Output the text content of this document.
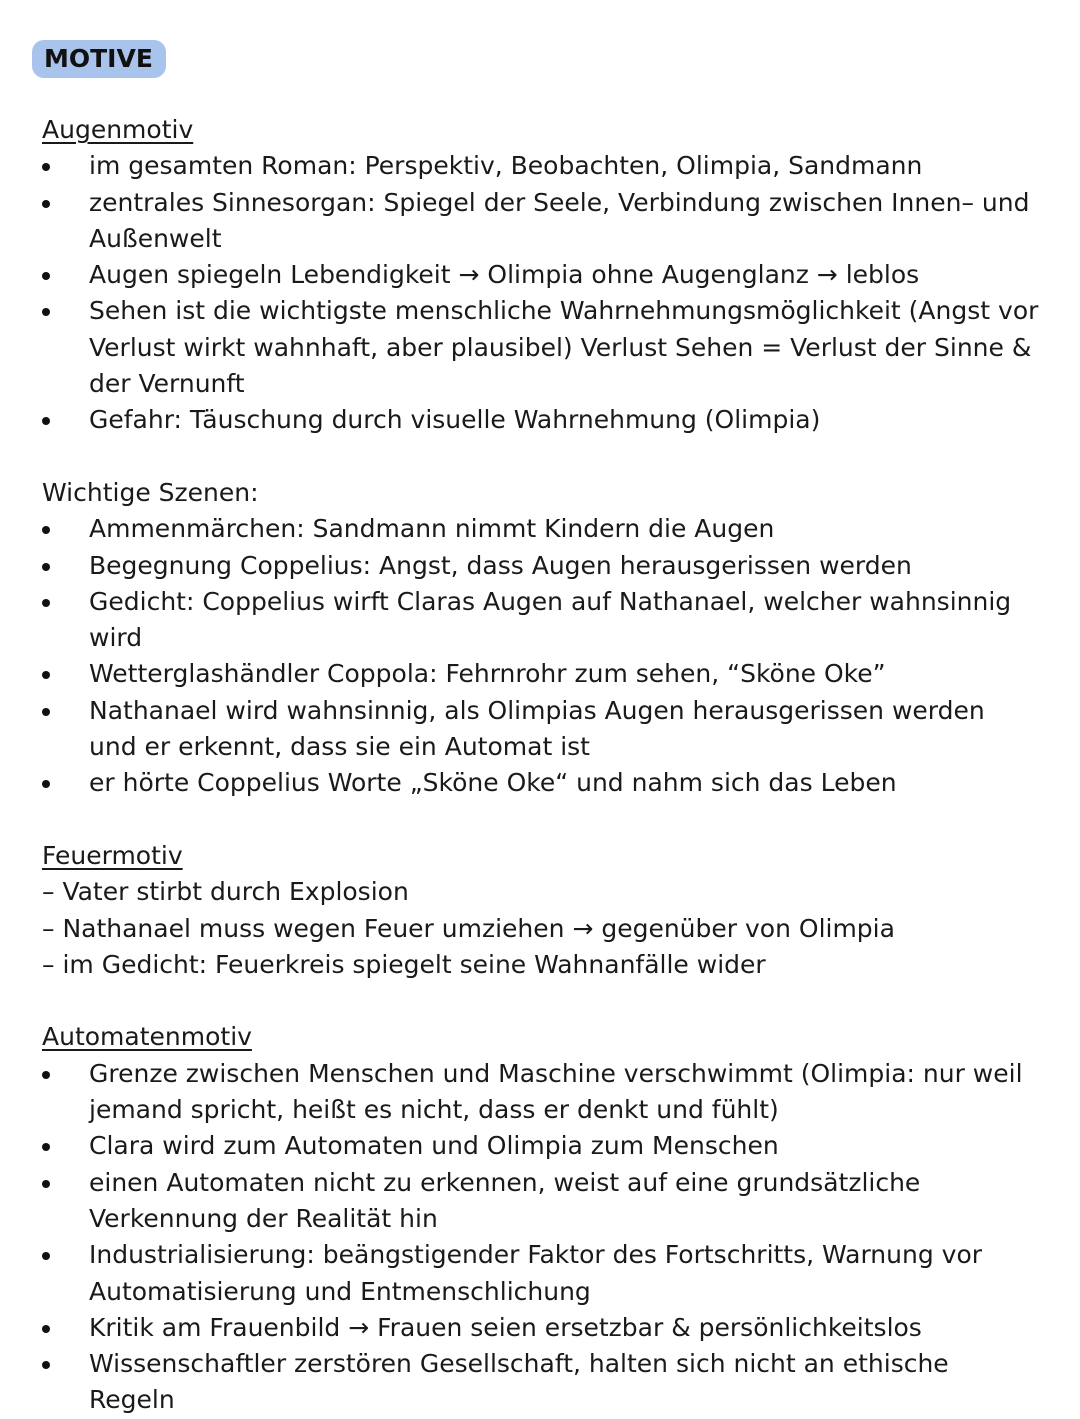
MOTIVE
Augenmotiv
im gesamten Roman: Perspektiv, Beobachten, Olimpia, Sandmann
zentrales Sinnesorgan: Spiegel der Seele, Verbindung zwischen Innen– und Außenwelt
Augen spiegeln Lebendigkeit → Olimpia ohne Augenglanz → leblos
Sehen ist die wichtigste menschliche Wahrnehmungsmöglichkeit (Angst vor Verlust wirkt wahnhaft, aber plausibel) Verlust Sehen = Verlust der Sinne & der Vernunft
Gefahr: Täuschung durch visuelle Wahrnehmung (Olimpia)
Wichtige Szenen:
Ammenmärchen: Sandmann nimmt Kindern die Augen
Begegnung Coppelius: Angst, dass Augen herausgerissen werden
Gedicht: Coppelius wirft Claras Augen auf Nathanael, welcher wahnsinnig wird
Wetterglashändler Coppola: Fehrnrohr zum sehen, “Sköne Oke”
Nathanael wird wahnsinnig, als Olimpias Augen herausgerissen werden und er erkennt, dass sie ein Automat ist
er hörte Coppelius Worte „Sköne Oke“ und nahm sich das Leben
Feuermotiv
– Vater stirbt durch Explosion
– Nathanael muss wegen Feuer umziehen → gegenüber von Olimpia
– im Gedicht: Feuerkreis spiegelt seine Wahnanfälle wider
Automatenmotiv
Grenze zwischen Menschen und Maschine verschwimmt (Olimpia: nur weil jemand spricht, heißt es nicht, dass er denkt und fühlt)
Clara wird zum Automaten und Olimpia zum Menschen
einen Automaten nicht zu erkennen, weist auf eine grundsätzliche Verkennung der Realität hin
Industrialisierung: beängstigender Faktor des Fortschritts, Warnung vor Automatisierung und Entmenschlichung
Kritik am Frauenbild → Frauen seien ersetzbar & persönlichkeitslos
Wissenschaftler zerstören Gesellschaft, halten sich nicht an ethische Regeln
